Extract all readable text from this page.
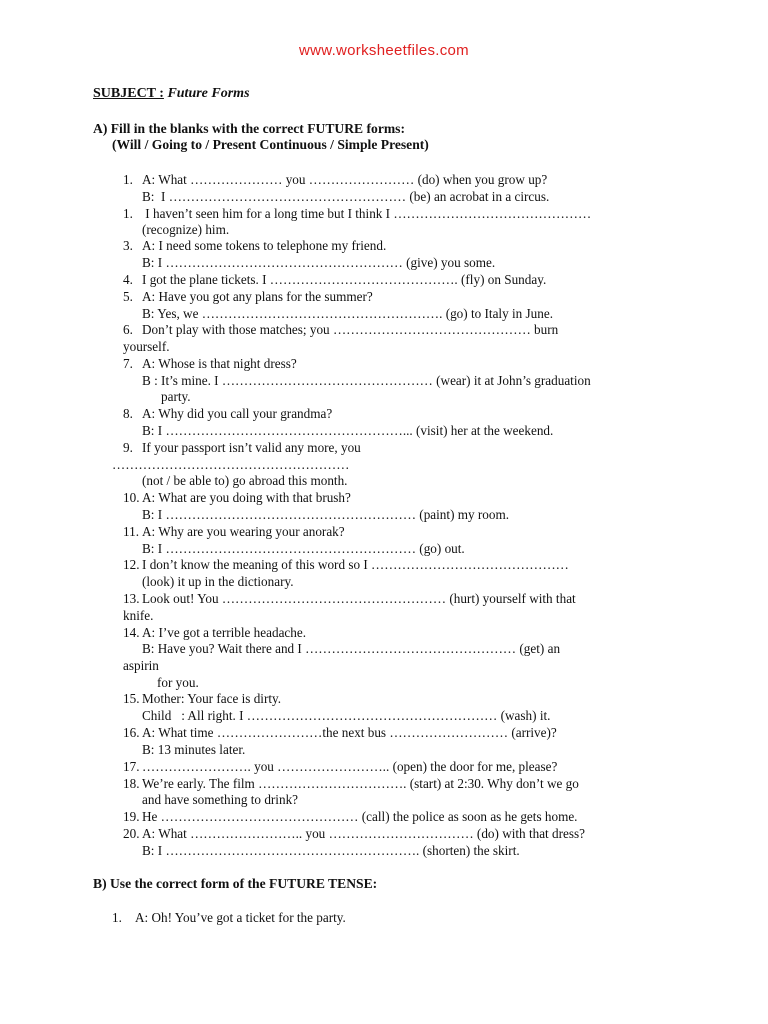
www.worksheetfiles.com
SUBJECT : Future Forms
A) Fill in the blanks with the correct FUTURE forms:
(Will / Going to / Present Continuous / Simple Present)
1.
1.
3.
4.
5.
6.
7.
8.
9.
10.
11.
12.
13.
14.
15.
16.
17.
18.
19.
20.
A: What ………………… you …………………… (do) when you grow up?
B:  I ……………………………………………… (be) an acrobat in a circus.
I haven’t seen him for a long time but I think I ………………………………………
(recognize) him.
A: I need some tokens to telephone my friend.
B: I ……………………………………………… (give) you some.
I got the plane tickets. I ……………………………………. (fly) on Sunday.
A: Have you got any plans for the summer?
B: Yes, we ………………………………………………. (go) to Italy in June.
Don’t play with those matches; you ……………………………………… burn
yourself.
A: Whose is that night dress?
B : It’s mine. I ………………………………………… (wear) it at John’s graduation
party.
A: Why did you call your grandma?
B: I ………………………………………………... (visit) her at the weekend.
If your passport isn’t valid any more, you
………………………………………………
(not / be able to) go abroad this month.
A: What are you doing with that brush?
B: I ………………………………………………… (paint) my room.
A: Why are you wearing your anorak?
B: I ………………………………………………… (go) out.
I don’t know the meaning of this word so I ………………………………………
(look) it up in the dictionary.
Look out! You …………………………………………… (hurt) yourself with that
knife.
A: I’ve got a terrible headache.
B: Have you? Wait there and I ………………………………………… (get) an
aspirin
for you.
Mother: Your face is dirty.
Child   : All right. I ………………………………………………… (wash) it.
A: What time ……………………the next bus ……………………… (arrive)?
B: 13 minutes later.
……………………. you …………………….. (open) the door for me, please?
We’re early. The film ……………………………. (start) at 2:30. Why don’t we go
and have something to drink?
He ……………………………………… (call) the police as soon as he gets home.
A: What …………………….. you …………………………… (do) with that dress?
B: I …………………………………………………. (shorten) the skirt.
B) Use the correct form of the FUTURE TENSE:
1. A: Oh! You’ve got a ticket for the party.
